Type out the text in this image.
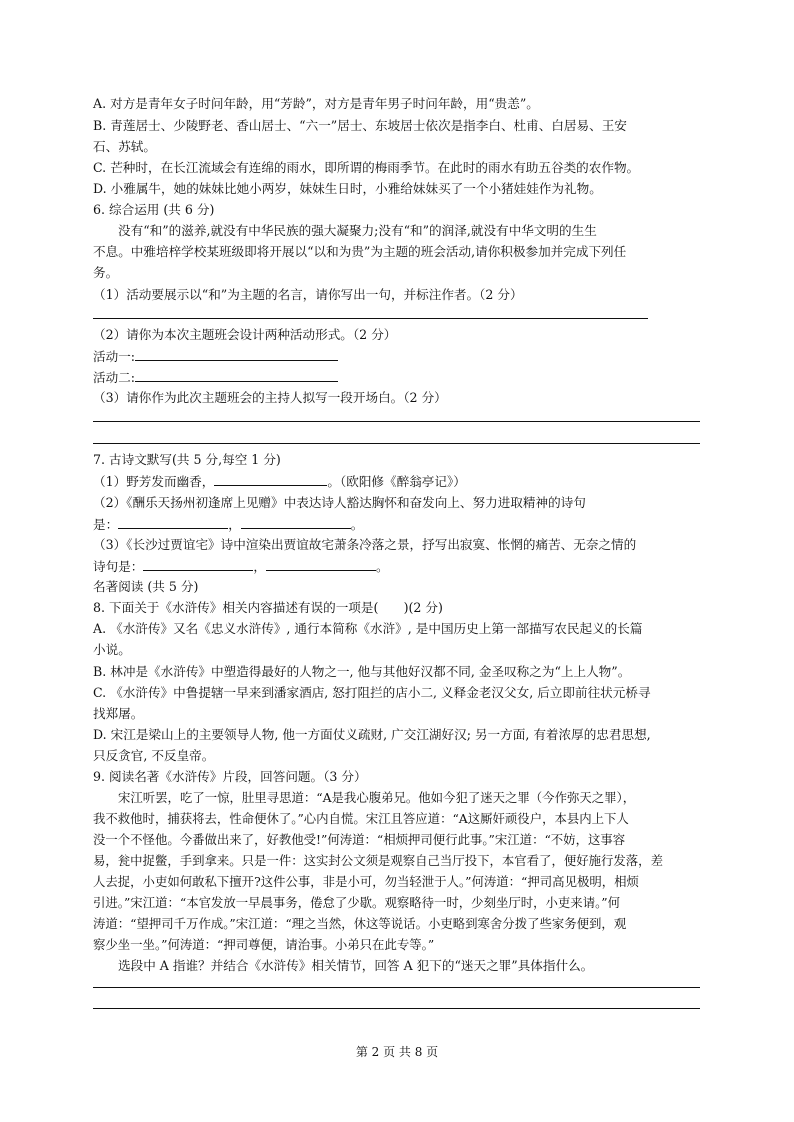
A. 对方是青年女子时问年龄，用“芳龄”，对方是青年男子时问年龄，用“贵恙”。
B. 青莲居士、少陵野老、香山居士、“六一”居士、东坡居士依次是指李白、杜甫、白居易、王安
石、苏轼。
C. 芒种时，在长江流域会有连绵的雨水，即所谓的梅雨季节。在此时的雨水有助五谷类的农作物。
D. 小雅属牛，她的妹妹比她小两岁，妹妹生日时，小雅给妹妹买了一个小猪娃娃作为礼物。
6. 综合运用 (共 6 分)
没有“和”的滋养,就没有中华民族的强大凝聚力;没有“和”的润泽,就没有中华文明的生生
不息。中雅培梓学校某班级即将开展以“以和为贵”为主题的班会活动,请你积极参加并完成下列任
务。
（1）活动要展示以“和”为主题的名言，请你写出一句，并标注作者。（2 分）
（2）请你为本次主题班会设计两种活动形式。（2 分）
活动一:
活动二:
（3）请你作为此次主题班会的主持人拟写一段开场白。（2 分）
7. 古诗文默写(共 5 分,每空 1 分)
（1）野芳发而幽香，	。（欧阳修《醉翁亭记》）
（2）《酬乐天扬州初逢席上见赠》中表达诗人豁达胸怀和奋发向上、努力进取精神的诗句
是：	，	。
（3）《长沙过贾谊宅》诗中渲染出贾谊故宅萧条冷落之景，抒写出寂寞、怅惘的痛苦、无奈之情的
诗句是：	，	。
名著阅读 (共 5 分)
8. 下面关于《水浒传》相关内容描述有误的一项是(　　)(2 分)
A. 《水浒传》又名《忠义水浒传》, 通行本简称《水浒》, 是中国历史上第一部描写农民起义的长篇
小说。
B. 林冲是《水浒传》中塑造得最好的人物之一, 他与其他好汉都不同, 金圣叹称之为“上上人物”。
C. 《水浒传》中鲁提辖一早来到潘家酒店, 怒打阻拦的店小二, 义释金老汉父女, 后立即前往状元桥寻
找郑屠。
D. 宋江是梁山上的主要领导人物, 他一方面仗义疏财, 广交江湖好汉; 另一方面, 有着浓厚的忠君思想,
只反贪官, 不反皇帝。
9. 阅读名著《水浒传》片段，回答问题。（3 分）
宋江听罢，吃了一惊，肚里寻思道：“A是我心腹弟兄。他如今犯了迷天之罪（今作弥天之罪），
我不救他时，捕获将去，性命便休了。”心内自慌。宋江且答应道：“A这厮奸顽役户，本县内上下人
没一个不怪他。今番做出来了，好教他受!”何涛道：“相烦押司便行此事。”宋江道：“不妨，这事容
易，瓮中捉鳖，手到拿来。只是一件：这实封公文须是观察自己当厅投下，本官看了，便好施行发落，差
人去捉，小吏如何敢私下擅开?这件公事，非是小可，勿当轻泄于人。”何涛道：“押司高见极明，相烦
引进。”宋江道：“本官发放一早晨事务，倦怠了少歇。观察略待一时，少刻坐厅时，小吏来请。”何
涛道：“望押司千万作成。”宋江道：“理之当然，休这等说话。小吏略到寒舍分拨了些家务便到，观
察少坐一坐。”何涛道：“押司尊便，请治事。小弟只在此专等。”
选段中 A 指谁？并结合《水浒传》相关情节，回答 A 犯下的“迷天之罪”具体指什么。
第 2 页 共 8 页
